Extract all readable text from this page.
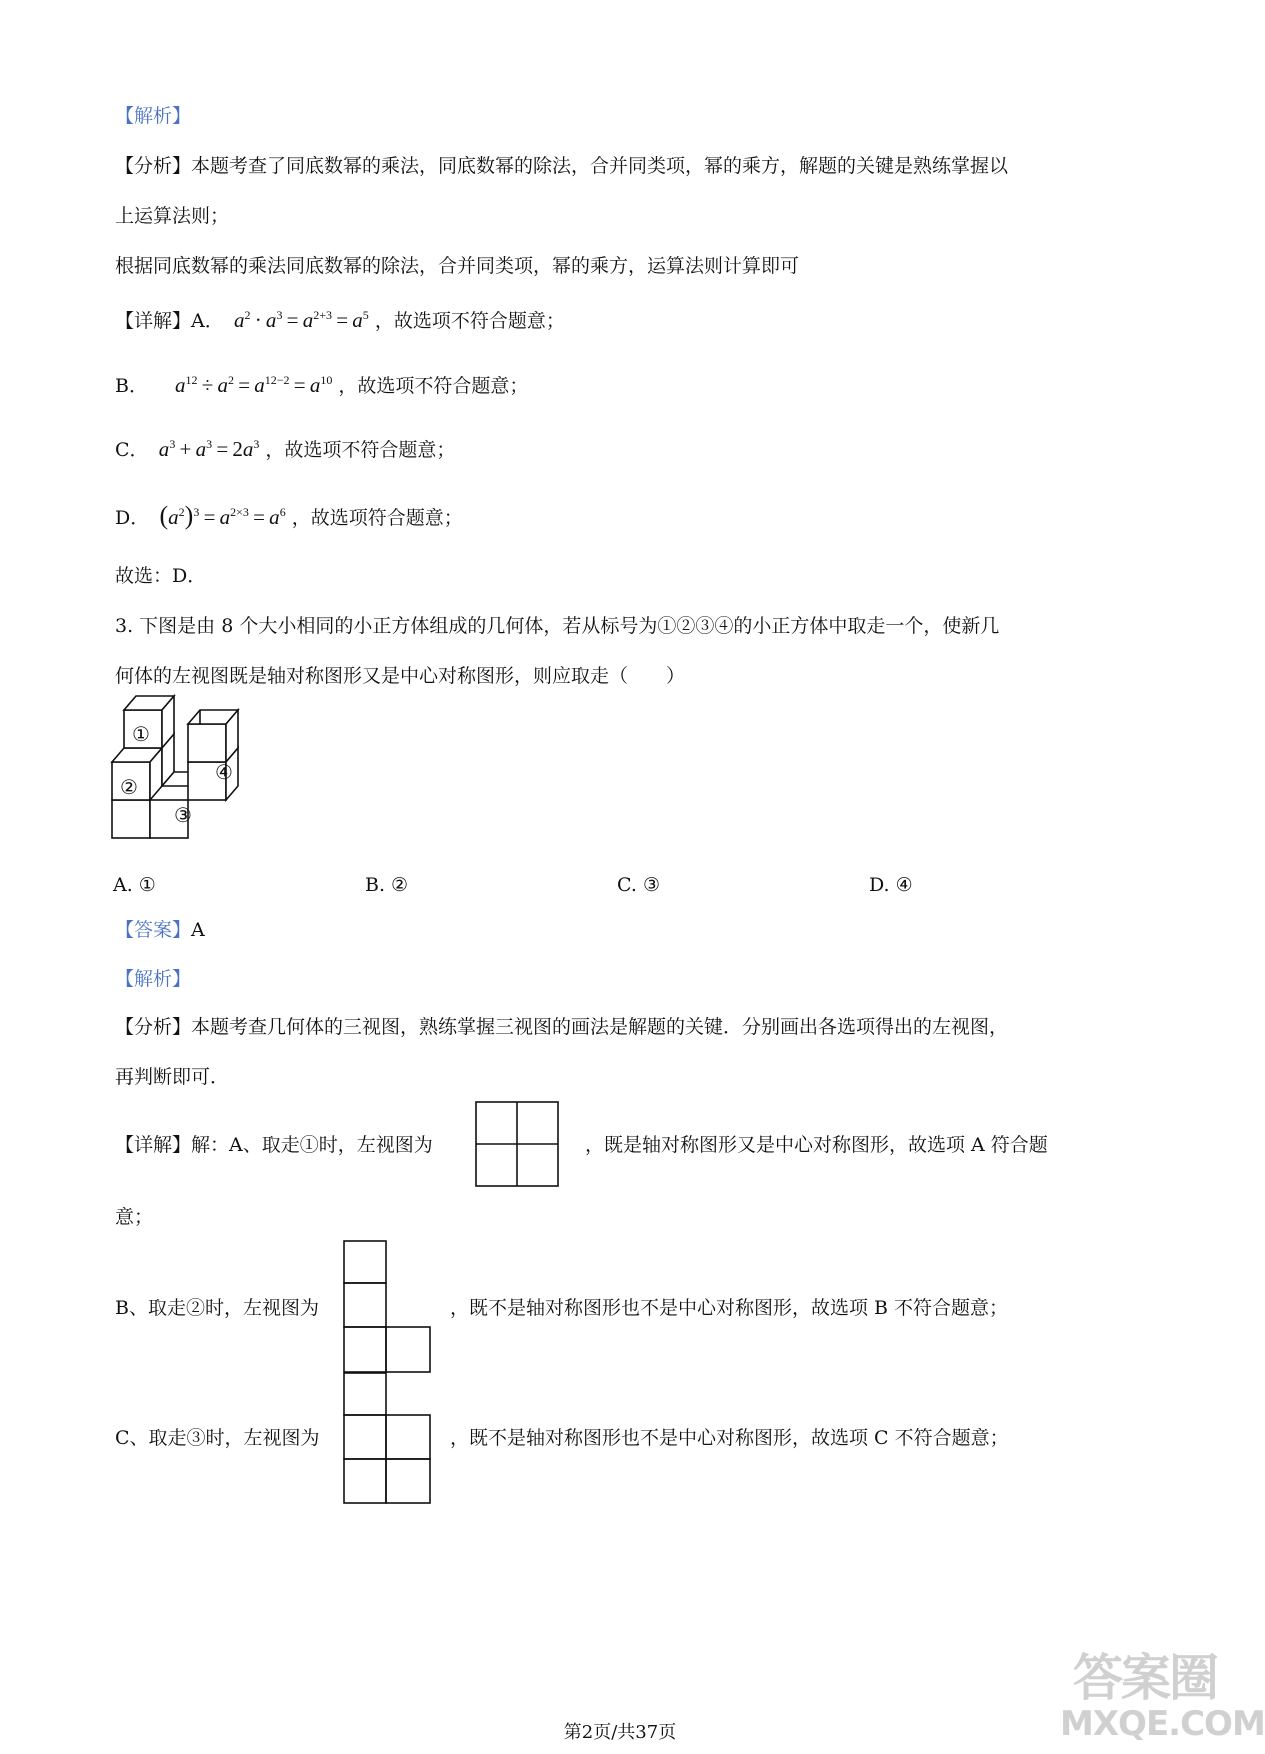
【解析】
【分析】本题考查了同底数幂的乘法，同底数幂的除法，合并同类项，幂的乘方，解题的关键是熟练掌握以
上运算法则；
根据同底数幂的乘法同底数幂的除法，合并同类项，幂的乘方，运算法则计算即可
【详解】A．  $a^2 \cdot a^3 = a^{2+3} = a^5$ ，故选项不符合题意；
B．  $a^{12} \div a^2 = a^{12-2} = a^{10}$ ，故选项不符合题意；
C．  $a^3 + a^3 = 2a^3$ ，故选项不符合题意；
D．   $(a^2)^3 = a^{2\times 3} = a^6$ ，故选项符合题意；
故选：D．
3. 下图是由 8 个大小相同的小正方体组成的几何体，若从标号为①②③④的小正方体中取走一个，使新几
何体的左视图既是轴对称图形又是中心对称图形，则应取走（　　）
①
②
③
④
A. ①	B. ②	C. ③	D. ④
【答案】A
【解析】
【分析】本题考查几何体的三视图，熟练掌握三视图的画法是解题的关键．分别画出各选项得出的左视图，
再判断即可．
【详解】解：A、取走①时，左视图为	，既是轴对称图形又是中心对称图形，故选项 A 符合题
意；
B、取走②时，左视图为	，既不是轴对称图形也不是中心对称图形，故选项 B 不符合题意；
C、取走③时，左视图为	，既不是轴对称图形也不是中心对称图形，故选项 C 不符合题意；
第2页/共37页
答案圈
MXQE.COM
